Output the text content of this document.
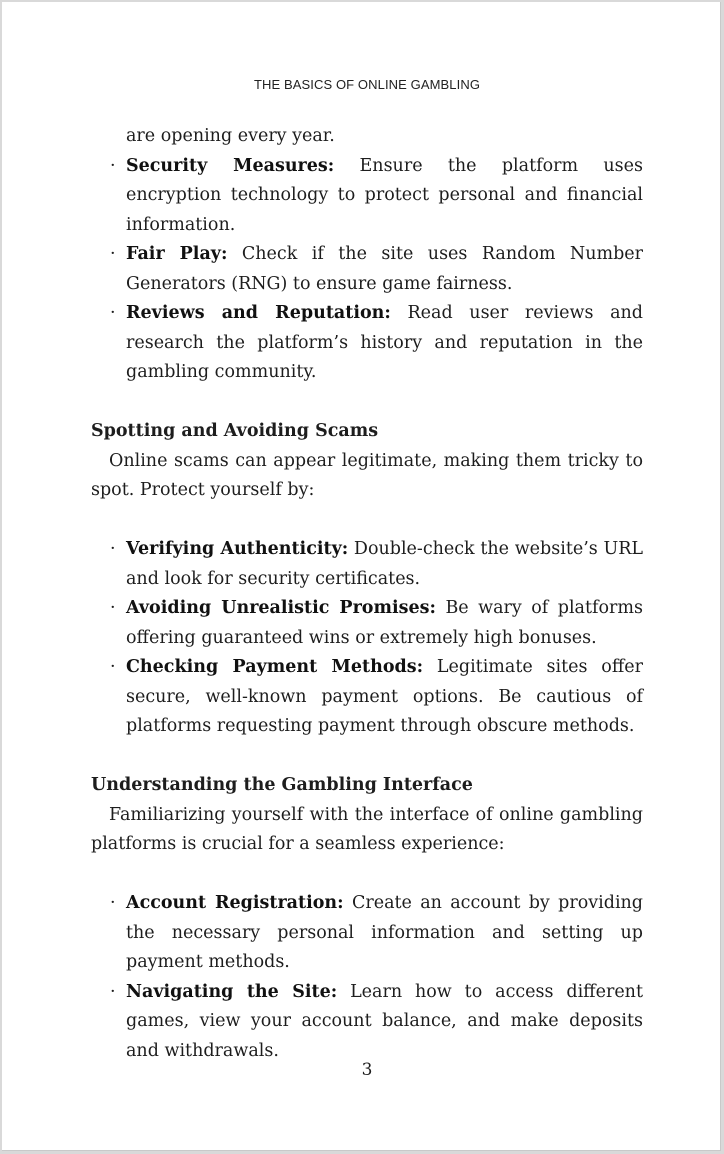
THE BASICS OF ONLINE GAMBLING
are opening every year.
· Security Measures: Ensure the platform uses encryption technology to protect personal and financial information.
· Fair Play: Check if the site uses Random Number Generators (RNG) to ensure game fairness.
· Reviews and Reputation: Read user reviews and research the platform’s history and reputation in the gambling community.
Spotting and Avoiding Scams
Online scams can appear legitimate, making them tricky to spot. Protect yourself by:
· Verifying Authenticity: Double-check the website’s URL and look for security certificates.
· Avoiding Unrealistic Promises: Be wary of platforms offering guaranteed wins or extremely high bonuses.
· Checking Payment Methods: Legitimate sites offer secure, well-known payment options. Be cautious of platforms requesting payment through obscure methods.
Understanding the Gambling Interface
Familiarizing yourself with the interface of online gambling platforms is crucial for a seamless experience:
· Account Registration: Create an account by providing the necessary personal information and setting up payment methods.
· Navigating the Site: Learn how to access different games, view your account balance, and make deposits and withdrawals.
3
